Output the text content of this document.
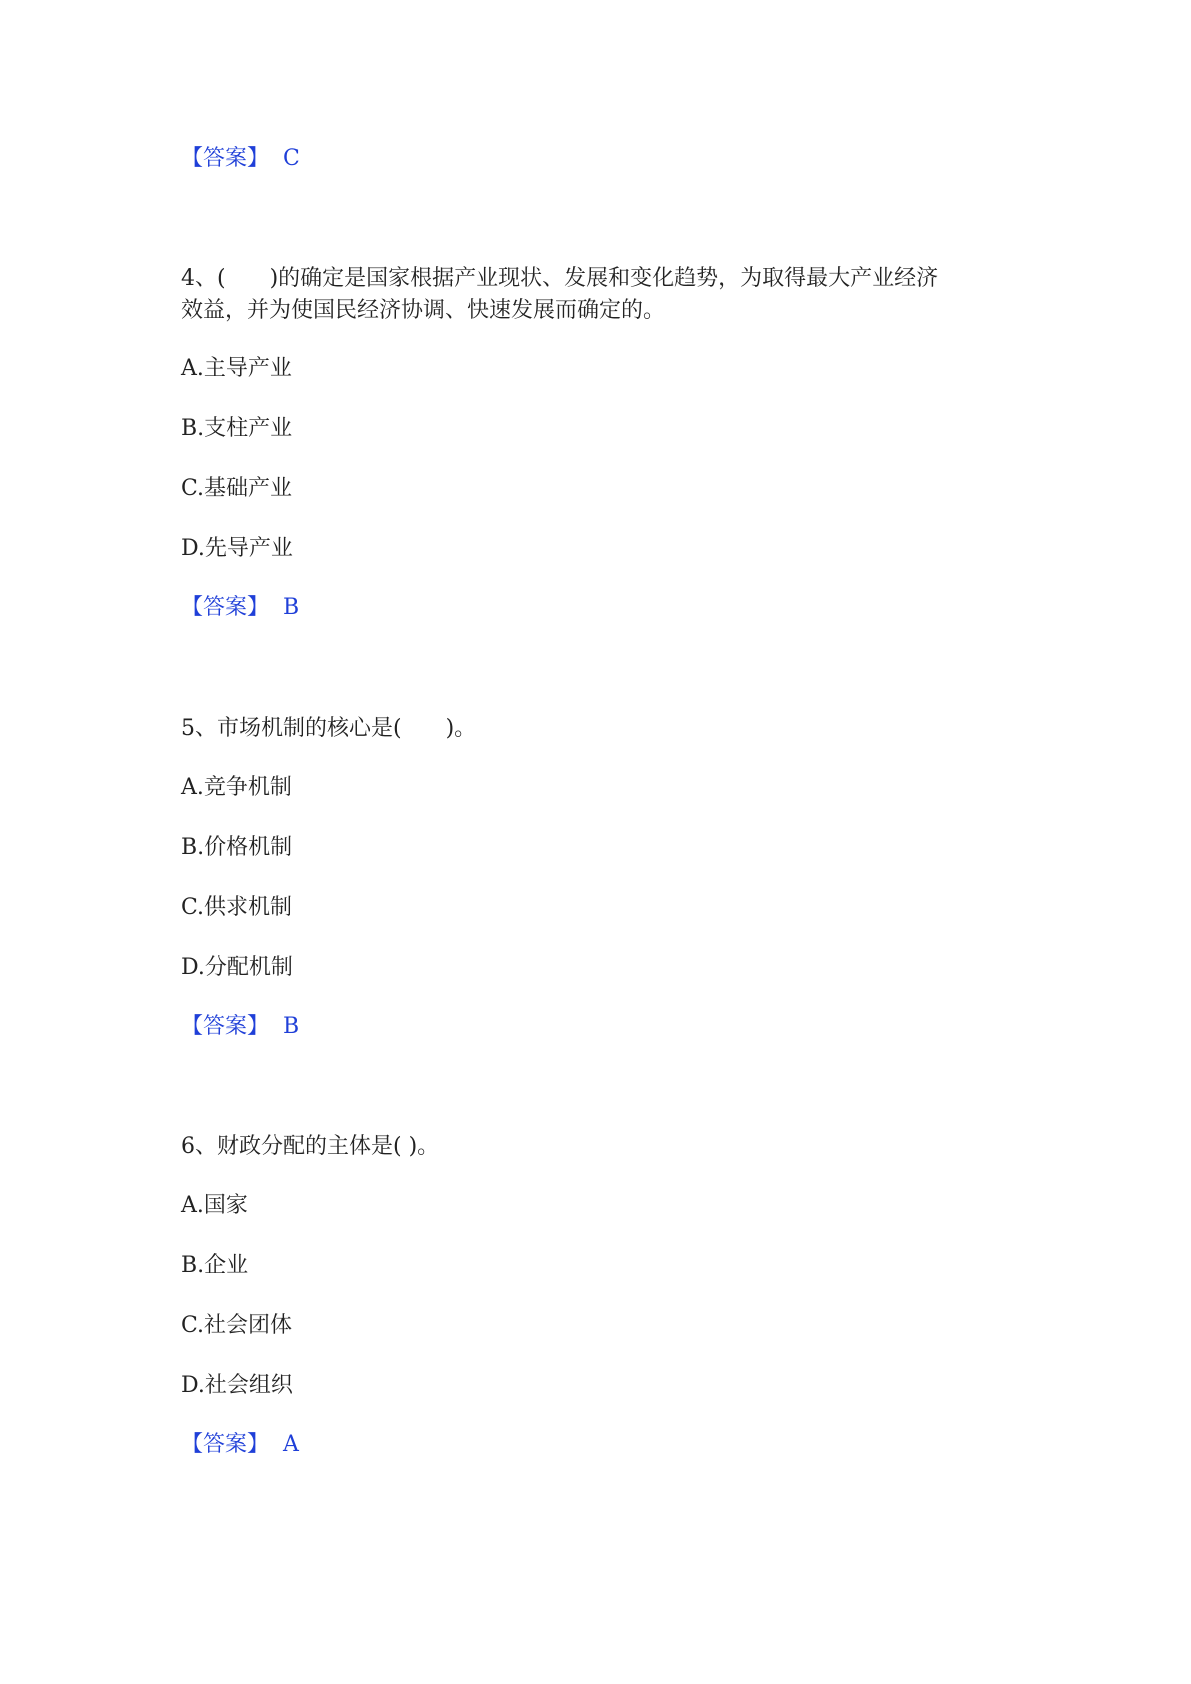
【答案】 C
4、(　　)的确定是国家根据产业现状、发展和变化趋势，为取得最大产业经济
效益，并为使国民经济协调、快速发展而确定的。
A.主导产业
B.支柱产业
C.基础产业
D.先导产业
【答案】 B
5、市场机制的核心是(　　)。
A.竞争机制
B.价格机制
C.供求机制
D.分配机制
【答案】 B
6、财政分配的主体是( )。
A.国家
B.企业
C.社会团体
D.社会组织
【答案】 A
